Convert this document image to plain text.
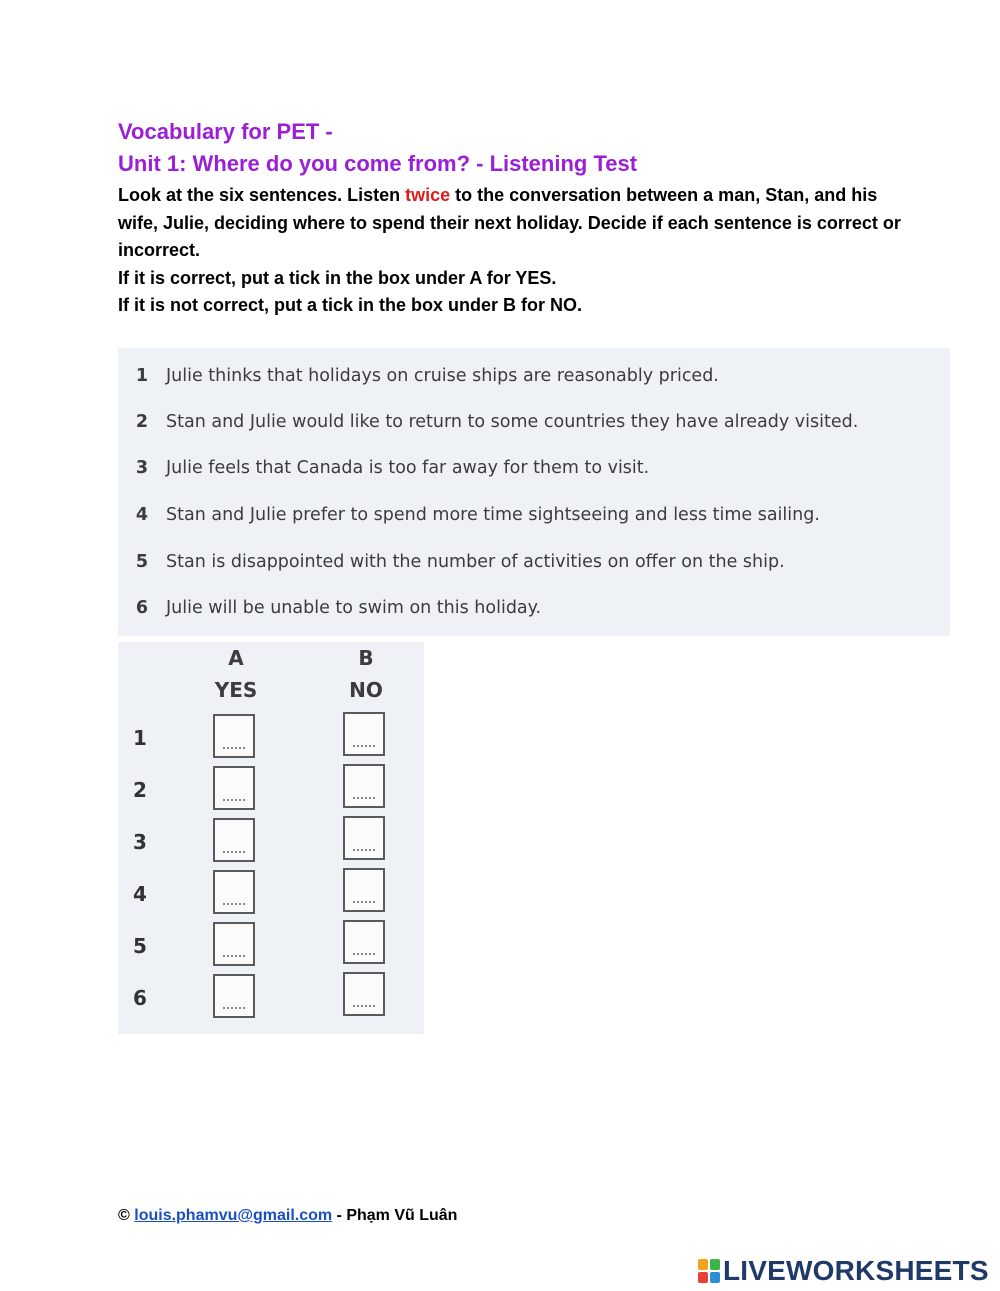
Vocabulary for PET -
Unit 1: Where do you come from? - Listening Test
Look at the six sentences. Listen twice to the conversation between a man, Stan, and his wife, Julie, deciding where to spend their next holiday. Decide if each sentence is correct or incorrect.
If it is correct, put a tick in the box under A for YES.
If it is not correct, put a tick in the box under B for NO.
1 Julie thinks that holidays on cruise ships are reasonably priced.
2 Stan and Julie would like to return to some countries they have already visited.
3 Julie feels that Canada is too far away for them to visit.
4 Stan and Julie prefer to spend more time sightseeing and less time sailing.
5 Stan is disappointed with the number of activities on offer on the ship.
6 Julie will be unable to swim on this holiday.
A
YES
B
NO
1
2
3
4
5
6
© louis.phamvu@gmail.com - Phạm Vũ Luân
LIVEWORKSHEETS
